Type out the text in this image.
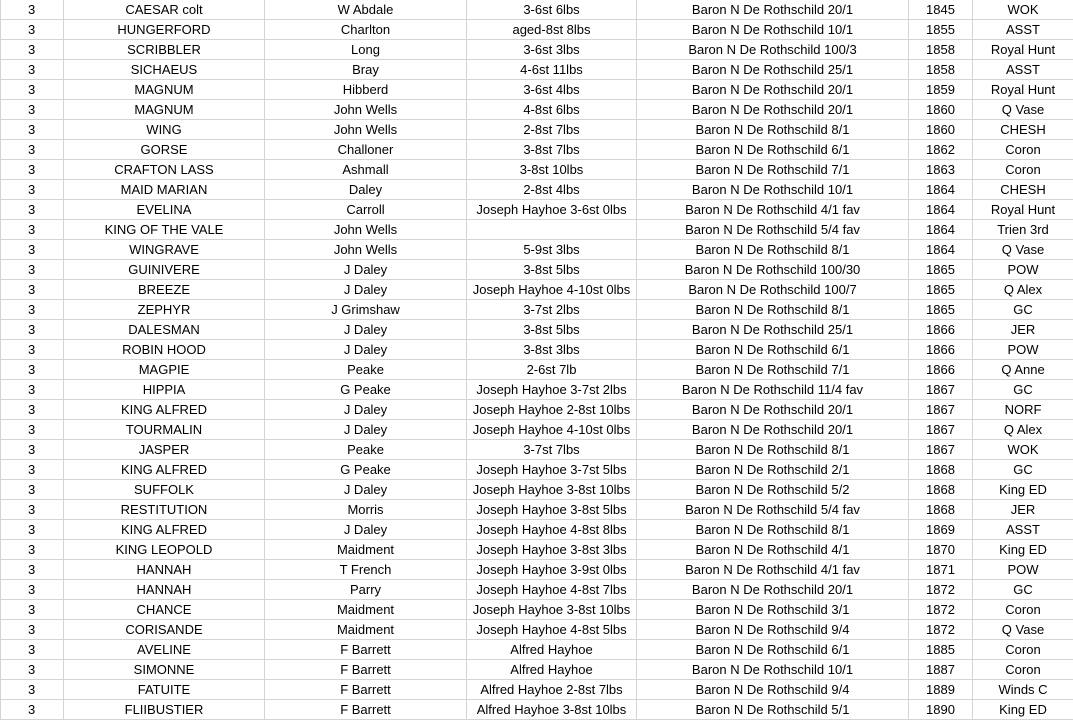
3	CAESAR colt	W Abdale	3-6st 6lbs	Baron N De Rothschild 20/1	1845	WOK
3	HUNGERFORD	Charlton	aged-8st 8lbs	Baron N De Rothschild 10/1	1855	ASST
3	SCRIBBLER	Long	3-6st 3lbs	Baron N De Rothschild 100/3	1858	Royal Hunt
3	SICHAEUS	Bray	4-6st 11lbs	Baron N De Rothschild 25/1	1858	ASST
3	MAGNUM	Hibberd	3-6st 4lbs	Baron N De Rothschild 20/1	1859	Royal Hunt
3	MAGNUM	John Wells	4-8st 6lbs	Baron N De Rothschild 20/1	1860	Q Vase
3	WING	John Wells	2-8st 7lbs	Baron N De Rothschild 8/1	1860	CHESH
3	GORSE	Challoner	3-8st 7lbs	Baron N De Rothschild 6/1	1862	Coron
3	CRAFTON LASS	Ashmall	3-8st 10lbs	Baron N De Rothschild 7/1	1863	Coron
3	MAID MARIAN	Daley	2-8st 4lbs	Baron N De Rothschild 10/1	1864	CHESH
3	EVELINA	Carroll	Joseph Hayhoe 3-6st 0lbs	Baron N De Rothschild 4/1 fav	1864	Royal Hunt
3	KING OF THE VALE	John Wells		Baron N De Rothschild 5/4 fav	1864	Trien 3rd
3	WINGRAVE	John Wells	5-9st 3lbs	Baron N De Rothschild 8/1	1864	Q Vase
3	GUINIVERE	J Daley	3-8st 5lbs	Baron N De Rothschild 100/30	1865	POW
3	BREEZE	J Daley	Joseph Hayhoe 4-10st 0lbs	Baron N De Rothschild 100/7	1865	Q Alex
3	ZEPHYR	J Grimshaw	3-7st 2lbs	Baron N De Rothschild 8/1	1865	GC
3	DALESMAN	J Daley	3-8st 5lbs	Baron N De Rothschild 25/1	1866	JER
3	ROBIN HOOD	J Daley	3-8st 3lbs	Baron N De Rothschild 6/1	1866	POW
3	MAGPIE	Peake	2-6st 7lb	Baron N De Rothschild 7/1	1866	Q Anne
3	HIPPIA	G Peake	Joseph Hayhoe 3-7st 2lbs	Baron N De Rothschild 11/4 fav	1867	GC
3	KING ALFRED	J Daley	Joseph Hayhoe 2-8st 10lbs	Baron N De Rothschild 20/1	1867	NORF
3	TOURMALIN	J Daley	Joseph Hayhoe 4-10st 0lbs	Baron N De Rothschild 20/1	1867	Q Alex
3	JASPER	Peake	3-7st 7lbs	Baron N De Rothschild 8/1	1867	WOK
3	KING ALFRED	G Peake	Joseph Hayhoe 3-7st 5lbs	Baron N De Rothschild 2/1	1868	GC
3	SUFFOLK	J Daley	Joseph Hayhoe 3-8st 10lbs	Baron N De Rothschild 5/2	1868	King ED
3	RESTITUTION	Morris	Joseph Hayhoe 3-8st 5lbs	Baron N De Rothschild 5/4 fav	1868	JER
3	KING ALFRED	J Daley	Joseph Hayhoe 4-8st 8lbs	Baron N De Rothschild 8/1	1869	ASST
3	KING LEOPOLD	Maidment	Joseph Hayhoe 3-8st 3lbs	Baron N De Rothschild 4/1	1870	King ED
3	HANNAH	T French	Joseph Hayhoe 3-9st 0lbs	Baron N De Rothschild 4/1 fav	1871	POW
3	HANNAH	Parry	Joseph Hayhoe 4-8st 7lbs	Baron N De Rothschild 20/1	1872	GC
3	CHANCE	Maidment	Joseph Hayhoe 3-8st 10lbs	Baron N De Rothschild 3/1	1872	Coron
3	CORISANDE	Maidment	Joseph Hayhoe 4-8st 5lbs	Baron N De Rothschild 9/4	1872	Q Vase
3	AVELINE	F Barrett	Alfred Hayhoe	Baron N De Rothschild 6/1	1885	Coron
3	SIMONNE	F Barrett	Alfred Hayhoe	Baron N De Rothschild 10/1	1887	Coron
3	FATUITE	F Barrett	Alfred Hayhoe 2-8st 7lbs	Baron N De Rothschild 9/4	1889	Winds C
3	FLIIBUSTIER	F Barrett	Alfred Hayhoe 3-8st 10lbs	Baron N De Rothschild 5/1	1890	King ED
